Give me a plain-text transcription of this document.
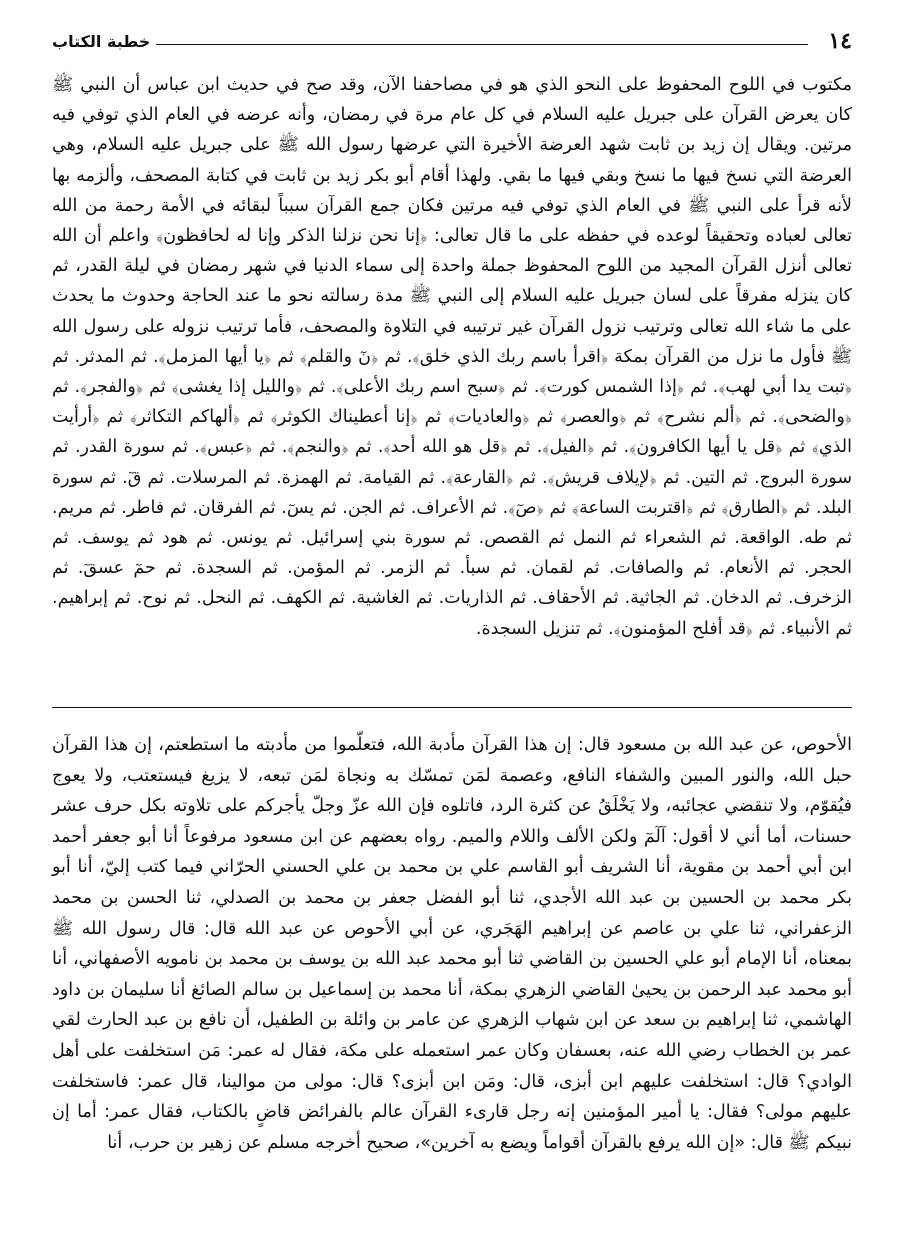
١٤
خطبة الكتاب

مكتوب في اللوح المحفوظ على النحو الذي هو في مصاحفنا الآن، وقد صح في حديث ابن عباس أن النبي ﷺ كان يعرض القرآن على جبريل عليه السلام في كل عام مرة في رمضان، وأنه عرضه في العام الذي توفي فيه مرتين. ويقال إن زيد بن ثابت شهد العرضة الأخيرة التي عرضها رسول الله ﷺ على جبريل عليه السلام، وهي العرضة التي نسخ فيها ما نسخ وبقي فيها ما بقي. ولهذا أقام أبو بكر زيد بن ثابت في كتابة المصحف، وألزمه بها لأنه قرأ على النبي ﷺ في العام الذي توفي فيه مرتين فكان جمع القرآن سبباً لبقائه في الأمة رحمة من الله تعالى لعباده وتحقيقاً لوعده في حفظه على ما قال تعالى: ﴿إنا نحن نزلنا الذكر وإنا له لحافظون﴾ واعلم أن الله تعالى أنزل القرآن المجيد من اللوح المحفوظ جملة واحدة إلى سماء الدنيا في شهر رمضان في ليلة القدر، ثم كان ينزله مفرقاً على لسان جبريل عليه السلام إلى النبي ﷺ مدة رسالته نحو ما عند الحاجة وحدوث ما يحدث على ما شاء الله تعالى وترتيب نزول القرآن غير ترتيبه في التلاوة والمصحف، فأما ترتيب نزوله على رسول الله ﷺ فأول ما نزل من القرآن بمكة ﴿اقرأ باسم ربك الذي خلق﴾. ثم ﴿نٓ والقلم﴾ ثم ﴿يا أيها المزمل﴾. ثم المدثر. ثم ﴿تبت يدا أبي لهب﴾. ثم ﴿إذا الشمس كورت﴾. ثم ﴿سبح اسم ربك الأعلى﴾. ثم ﴿والليل إذا يغشى﴾ ثم ﴿والفجر﴾. ثم ﴿والضحى﴾. ثم ﴿ألم نشرح﴾ ثم ﴿والعصر﴾ ثم ﴿والعاديات﴾ ثم ﴿إنا أعطيناك الكوثر﴾ ثم ﴿ألهاكم التكاثر﴾ ثم ﴿أرأيت الذي﴾ ثم ﴿قل يا أيها الكافرون﴾. ثم ﴿الفيل﴾. ثم ﴿قل هو الله أحد﴾. ثم ﴿والنجم﴾. ثم ﴿عبس﴾. ثم سورة القدر. ثم سورة البروج. ثم التين. ثم ﴿لإيلاف قريش﴾. ثم ﴿القارعة﴾. ثم القيامة. ثم الهمزة. ثم المرسلات. ثم قٓ. ثم سورة البلد. ثم ﴿الطارق﴾ ثم ﴿اقتربت الساعة﴾ ثم ﴿صٓ﴾. ثم الأعراف. ثم الجن. ثم يسٓ. ثم الفرقان. ثم فاطر. ثم مريم. ثم طه. الواقعة. ثم الشعراء ثم النمل ثم القصص. ثم سورة بني إسرائيل. ثم يونس. ثم هود ثم يوسف. ثم الحجر. ثم الأنعام. ثم والصافات. ثم لقمان. ثم سبأ. ثم الزمر. ثم المؤمن. ثم السجدة. ثم حمٓ عسقٓ. ثم الزخرف. ثم الدخان. ثم الجاثية. ثم الأحقاف. ثم الذاريات. ثم الغاشية. ثم الكهف. ثم النحل. ثم نوح. ثم إبراهيم. ثم الأنبياء. ثم ﴿قد أفلح المؤمنون﴾. ثم تنزيل السجدة.

الأحوص، عن عبد الله بن مسعود قال: إن هذا القرآن مأدبة الله، فتعلّموا من مأدبته ما استطعتم، إن هذا القرآن حبل الله، والنور المبين والشفاء النافع، وعصمة لمَن تمسّك به ونجاة لمَن تبعه، لا يزيغ فيستعتب، ولا يعوج فيُقوّم، ولا تنقضي عجائبه، ولا يَخْلَقُ عن كثرة الرد، فاتلوه فإن الله عزّ وجلّ يأجركم على تلاوته بكل حرف عشر حسنات، أما أني لا أقول: آلٓمٓ ولكن الألف واللام والميم. رواه بعضهم عن ابن مسعود مرفوعاً أنا أبو جعفر أحمد ابن أبي أحمد بن مقوية، أنا الشريف أبو القاسم علي بن محمد بن علي الحسني الحرّاني فيما كتب إليّ، أنا أبو بكر محمد بن الحسين بن عبد الله الأجدي، ثنا أبو الفضل جعفر بن محمد بن الصدلي، ثنا الحسن بن محمد الزعفراني، ثنا علي بن عاصم عن إبراهيم الهَجَري، عن أبي الأحوص عن عبد الله قال: قال رسول الله ﷺ بمعناه، أنا الإمام أبو علي الحسين بن القاضي ثنا أبو محمد عبد الله بن يوسف بن محمد بن نامويه الأصفهاني، أنا أبو محمد عبد الرحمن بن يحيىٰ القاضي الزهري بمكة، أنا محمد بن إسماعيل بن سالم الصائغ أنا سليمان بن داود الهاشمي، ثنا إبراهيم بن سعد عن ابن شهاب الزهري عن عامر بن وائلة بن الطفيل، أن نافع بن عبد الحارث لقي عمر بن الخطاب رضي الله عنه، بعسفان وكان عمر استعمله على مكة، فقال له عمر: مَن استخلفت على أهل الوادي؟ قال: استخلفت عليهم ابن أبزى، قال: ومَن ابن أبزى؟ قال: مولى من موالينا، قال عمر: فاستخلفت عليهم مولى؟ فقال: يا أمير المؤمنين إنه رجل قارىء القرآن عالم بالفرائض قاضٍ بالكتاب، فقال عمر: أما إن نبيكم ﷺ قال: «إن الله يرفع بالقرآن أقواماً ويضع به آخرين»، صحيح أخرجه مسلم عن زهير بن حرب، أنا
